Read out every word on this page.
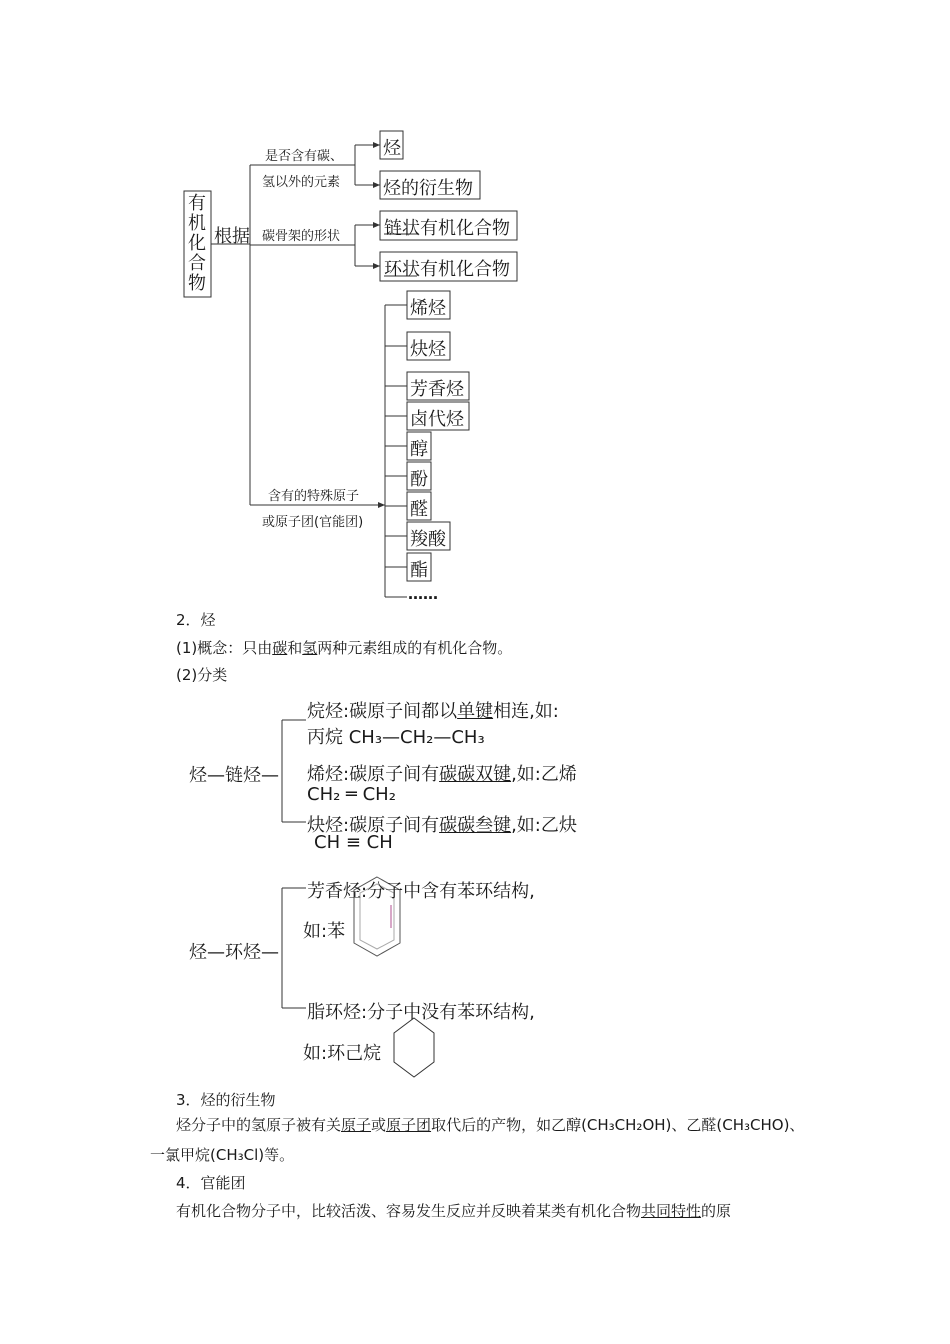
有机化合物
根据
是否含有碳、
氢以外的元素
碳骨架的形状
含有的特殊原子
或原子团(官能团)
烃
烃的衍生物
链状有机化合物
环状有机化合物
烯烃
炔烃
芳香烃
卤代烃
醇
酚
醛
羧酸
酯
……
2．烃
(1)概念：只由碳和氢两种元素组成的有机化合物。
(2)分类
烃—链烃—
烷烃:碳原子间都以单键相连,如:
丙烷 CH₃—CH₂—CH₃
烯烃:碳原子间有碳碳双键,如:乙烯
CH₂ ═ CH₂
炔烃:碳原子间有碳碳叁键,如:乙炔
CH ≡ CH
烃—环烃—
芳香烃:分子中含有苯环结构,
如:苯
脂环烃:分子中没有苯环结构,
如:环己烷
3．烃的衍生物
烃分子中的氢原子被有关原子或原子团取代后的产物，如乙醇(CH₃CH₂OH)、乙醛(CH₃CHO)、一氯甲烷(CH₃Cl)等。
4．官能团
有机化合物分子中，比较活泼、容易发生反应并反映着某类有机化合物共同特性的原
